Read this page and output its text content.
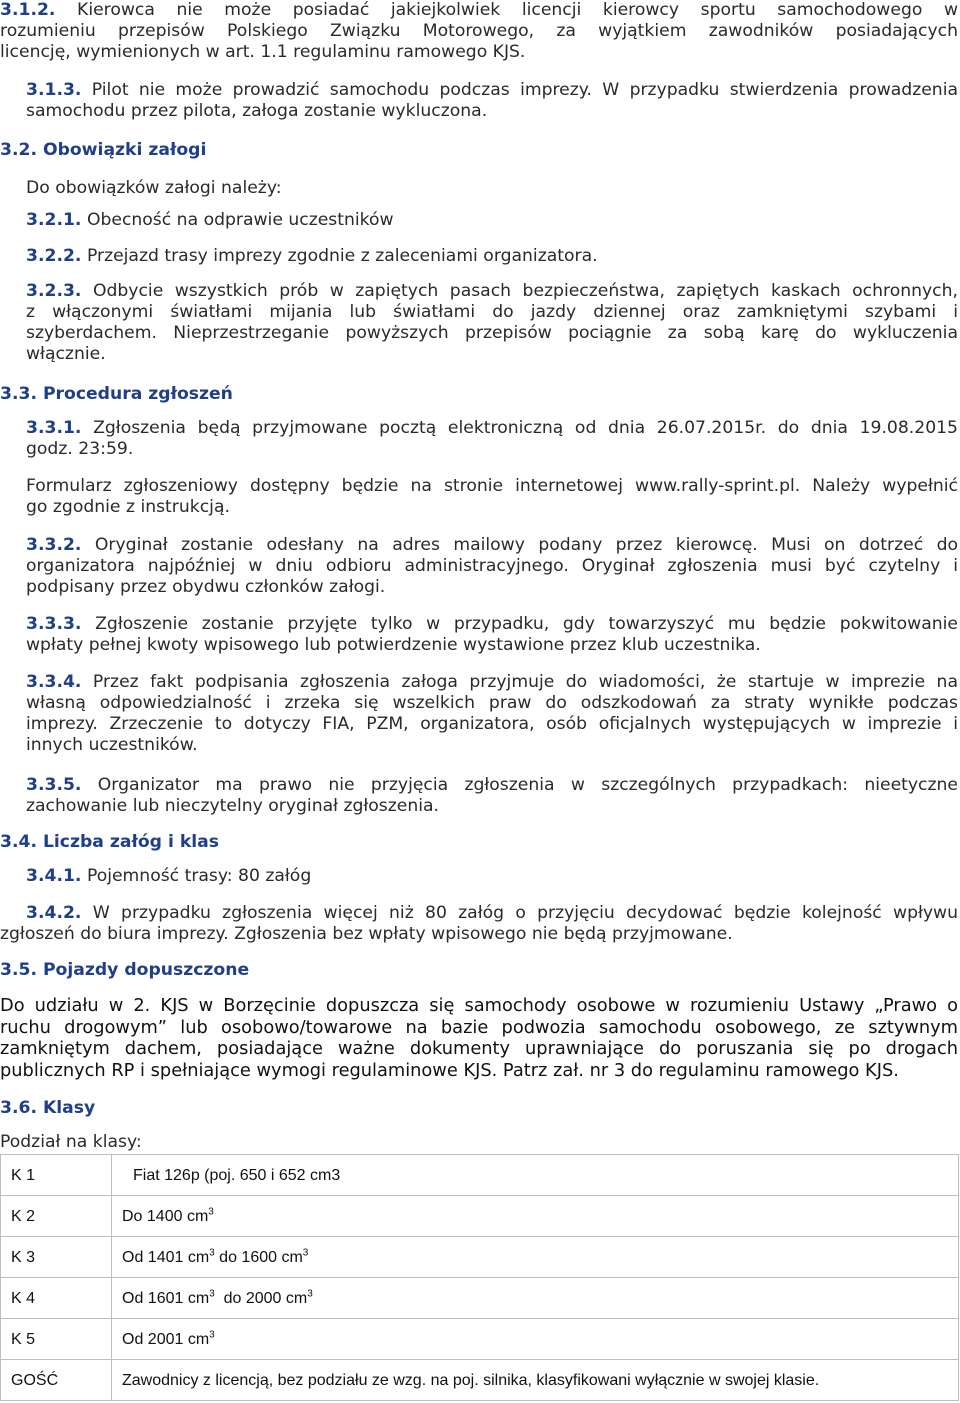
3.1.2. Kierowca nie może posiadać jakiejkolwiek licencji kierowcy sportu samochodowego w

rozumieniu przepisów Polskiego Związku Motorowego, za wyjątkiem zawodników posiadających

licencję, wymienionych w art. 1.1 regulaminu ramowego KJS.

3.1.3. Pilot nie może prowadzić samochodu podczas imprezy. W przypadku stwierdzenia prowadzenia

samochodu przez pilota, załoga zostanie wykluczona.

3.2. Obowiązki załogi
Do obowiązków załogi należy:
3.2.1. Obecność na odprawie uczestników
3.2.2. Przejazd trasy imprezy zgodnie z zaleceniami organizatora.

3.2.3. Odbycie wszystkich prób w zapiętych pasach bezpieczeństwa, zapiętych kaskach ochronnych,

z włączonymi światłami mijania lub światłami do jazdy dziennej oraz zamkniętymi szybami i

szyberdachem. Nieprzestrzeganie powyższych przepisów pociągnie za sobą karę do wykluczenia

włącznie.

3.3. Procedura zgłoszeń

3.3.1. Zgłoszenia będą przyjmowane pocztą elektroniczną od dnia 26.07.2015r. do dnia 19.08.2015

godz. 23:59.

Formularz zgłoszeniowy dostępny będzie na stronie internetowej www.rally-sprint.pl. Należy wypełnić

go zgodnie z instrukcją.

3.3.2. Oryginał zostanie odesłany na adres mailowy podany przez kierowcę. Musi on dotrzeć do

organizatora najpóźniej w dniu odbioru administracyjnego. Oryginał zgłoszenia musi być czytelny i

podpisany przez obydwu członków załogi.

3.3.3. Zgłoszenie zostanie przyjęte tylko w przypadku, gdy towarzyszyć mu będzie pokwitowanie

wpłaty pełnej kwoty wpisowego lub potwierdzenie wystawione przez klub uczestnika.

3.3.4. Przez fakt podpisania zgłoszenia załoga przyjmuje do wiadomości, że startuje w imprezie na

własną odpowiedzialność i zrzeka się wszelkich praw do odszkodowań za straty wynikłe podczas

imprezy. Zrzeczenie to dotyczy FIA, PZM, organizatora, osób oficjalnych występujących w imprezie i

innych uczestników.

3.3.5. Organizator ma prawo nie przyjęcia zgłoszenia w szczególnych przypadkach: nieetyczne

zachowanie lub nieczytelny oryginał zgłoszenia.

3.4. Liczba załóg i klas
3.4.1. Pojemność trasy: 80 załóg

3.4.2. W przypadku zgłoszenia więcej niż 80 załóg o przyjęciu decydować będzie kolejność wpływu

zgłoszeń do biura imprezy. Zgłoszenia bez wpłaty wpisowego nie będą przyjmowane.

3.5. Pojazdy dopuszczone

Do udziału w 2. KJS w Borzęcinie dopuszcza się samochody osobowe w rozumieniu Ustawy „Prawo o

ruchu drogowym” lub osobowo/towarowe na bazie podwozia samochodu osobowego, ze sztywnym

zamkniętym dachem, posiadające ważne dokumenty uprawniające do poruszania się po drogach

publicznych RP i spełniające wymogi regulaminowe KJS. Patrz zał. nr 3 do regulaminu ramowego KJS.

3.6. Klasy
Podział na klasy:
K 1	Fiat 126p (poj. 650 i 652 cm3
K 2	Do 1400 $cm^3$
K 3	Od 1401 $cm^3$ do 1600 $cm^3$
K 4	Od 1601 $cm^3$ do 2000 $cm^3$
K 5	Od 2001 $cm^3$
GOŚĆ	Zawodnicy z licencją, bez podziału ze wzg. na poj. silnika, klasyfikowani wyłącznie w swojej klasie.
